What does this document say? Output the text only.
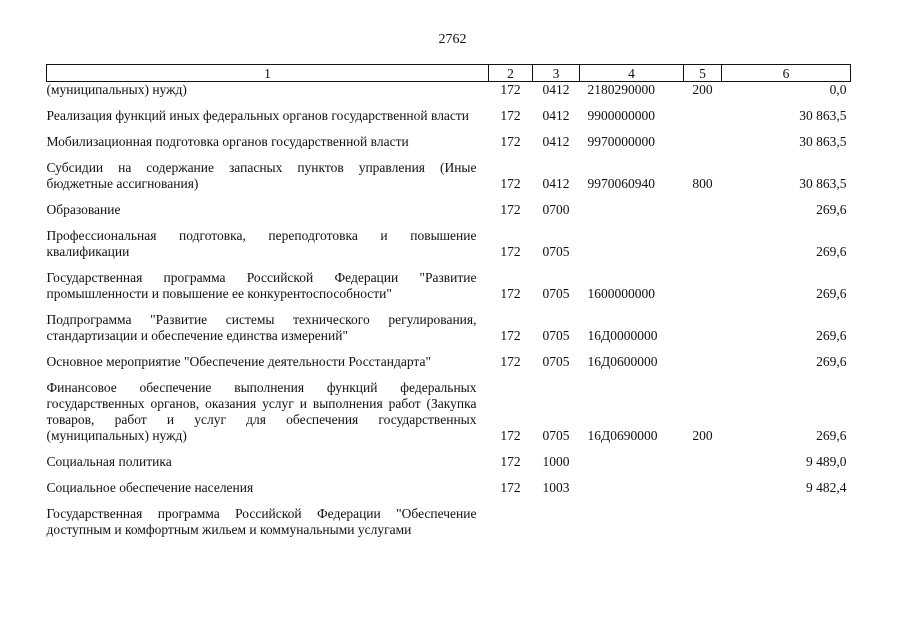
2762
1	2	3	4	5	6
(муниципальных) нужд)	172	0412	2180290000	200	0,0
Реализация функций иных федеральных органов государственной власти	172	0412	9900000000		30 863,5
Мобилизационная подготовка органов государственной власти	172	0412	9970000000		30 863,5
Субсидии на содержание запасных пунктов управления (Иные бюджетные ассигнования)	172	0412	9970060940	800	30 863,5
Образование	172	0700			269,6
Профессиональная подготовка, переподготовка и повышение квалификации	172	0705			269,6
Государственная программа Российской Федерации "Развитие промышленности и повышение ее конкурентоспособности"	172	0705	1600000000		269,6
Подпрограмма "Развитие системы технического регулирования, стандартизации и обеспечение единства измерений"	172	0705	16Д0000000		269,6
Основное мероприятие "Обеспечение деятельности Росстандарта"	172	0705	16Д0600000		269,6
Финансовое обеспечение выполнения функций федеральных государственных органов, оказания услуг и выполнения работ (Закупка товаров, работ и услуг для обеспечения государственных (муниципальных) нужд)	172	0705	16Д0690000	200	269,6
Социальная политика	172	1000			9 489,0
Социальное обеспечение населения	172	1003			9 482,4
Государственная программа Российской Федерации "Обеспечение доступным и комфортным жильем и коммунальными услугами					
